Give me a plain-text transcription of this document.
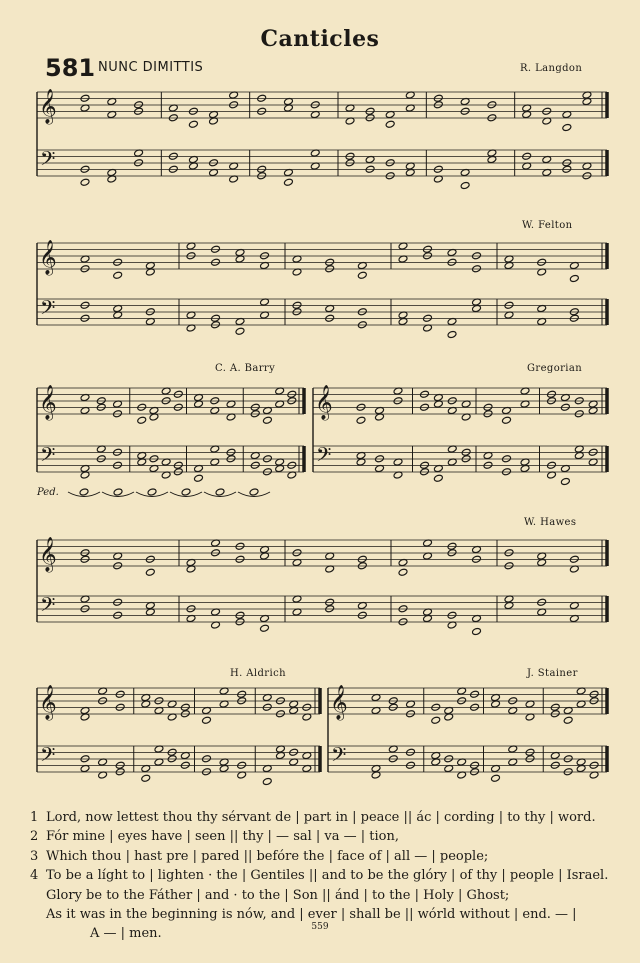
Canticles
581 NUNC DIMITTIS	R. Langdon
W. Felton
C. A. Barry	Gregorian
W. Hawes
H. Aldrich	J. Stainer
Ped.
𝄞
𝄢
𝄞
𝄢
𝄞
𝄢
𝄞
𝄢
𝄞
𝄢
𝄞
𝄢
𝄞
𝄢
1 Lord, now lettest thou thy sérvant de | part in | peace || ác | cording | to thy | word.
2 Fór mine | eyes have | seen || thy | — sal | va — | tion,
3 Which thou | hast pre | pared || befóre the | face of | all — | people;
4 To be a líght to | lighten · the | Gentiles || and to be the glóry | of thy | people | Israel.
Glory be to the Fáther | and · to the | Son || ánd | to the | Holy | Ghost;
As it was in the beginning is nów, and | ever | shall be || wórld without | end. — |
A — | men.	559
